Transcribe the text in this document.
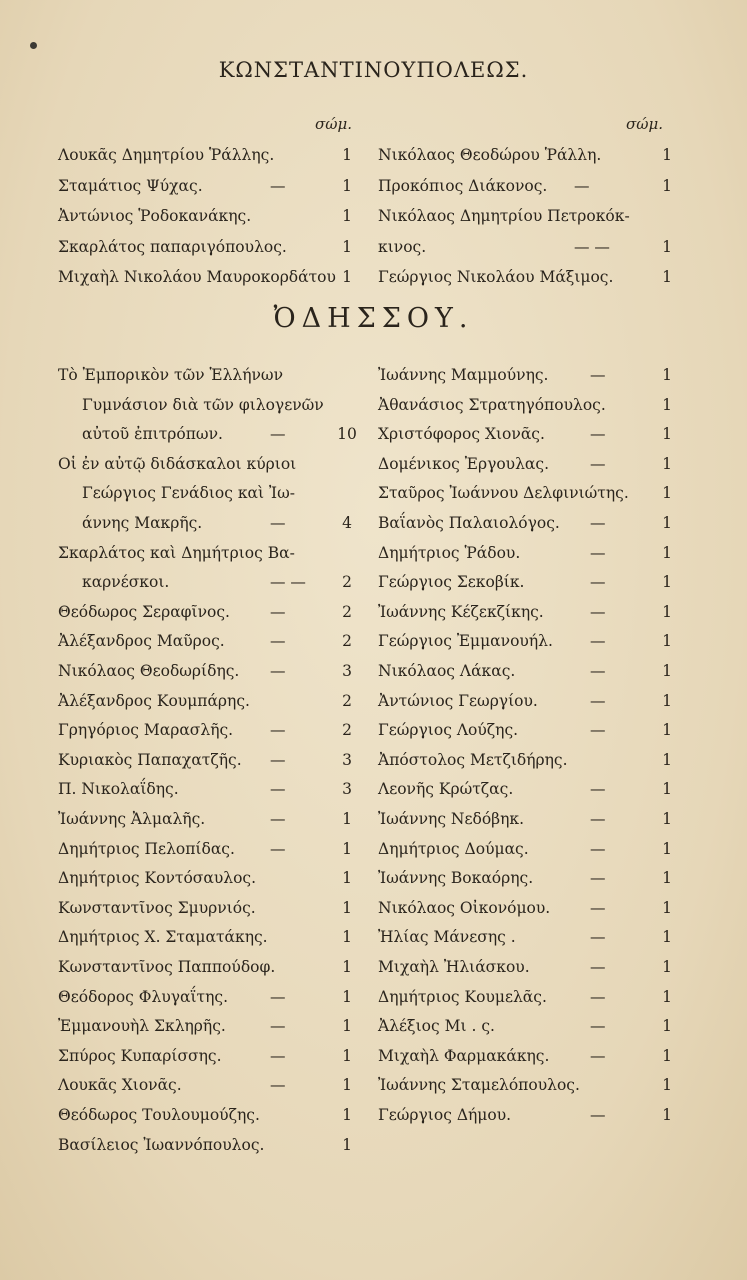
ΚΩΝΣΤΑΝΤΙΝΟΥΠΟΛΕΩΣ.
σώμ.	σώμ.
Λουκᾶς Δημητρίου Ῥάλλης.	1
Σταμάτιος Ψύχας.	—	1
Ἀντώνιος Ῥοδοκανάκης.	1
Σκαρλάτος παπαριγόπουλος.	1
Μιχαὴλ Νικολάου Μαυροκορδάτου 1
Νικόλαος Θεοδώρου Ῥάλλη.	1
Προκόπιος Διάκονος. —	1
Νικόλαος Δημητρίου Πετροκόκ-
κινος.	— —	1
Γεώργιος Νικολάου Μάξιμος.	1
ὈΔΗΣΣΟΥ.
Τὸ Ἐμπορικὸν τῶν Ἑλλήνων
Γυμνάσιον διὰ τῶν φιλογενῶν
αὐτοῦ ἐπιτρόπων.	—	10
Οἱ ἐν αὐτῷ διδάσκαλοι κύριοι
Γεώργιος Γενάδιος καὶ Ἰω-
άννης Μακρῆς.	—	4
Σκαρλάτος καὶ Δημήτριος Βα-
καρνέσκοι.	— —	2
Θεόδωρος Σεραφῖνος.	—	2
Ἀλέξανδρος Μαῦρος.	—	2
Νικόλαος Θεοδωρίδης. —	3
Ἀλέξανδρος Κουμπάρης.	2
Γρηγόριος Μαρασλῆς. —	2
Κυριακὸς Παπαχατζῆς. —	3
Π. Νικολαΐδης.	—	3
Ἰωάννης Ἀλμαλῆς.	—	1
Δημήτριος Πελοπίδας. —	1
Δημήτριος Κοντόσαυλος.	1
Κωνσταντῖνος Σμυρνιός.	1
Δημήτριος Χ. Σταματάκης.	1
Κωνσταντῖνος Παππούδοφ.	1
Θεόδορος Φλυγαΐτης.	—	1
Ἐμμανουὴλ Σκληρῆς.	—	1
Σπύρος Κυπαρίσσης.	—	1
Λουκᾶς Χιονᾶς.	—	1
Θεόδωρος Τουλουμούζης.	1
Βασίλειος Ἰωαννόπουλος.	1
Ἰωάννης Μαμμούνης.	—	1
Ἀθανάσιος Στρατηγόπουλος.	1
Χριστόφορος Χιονᾶς.	—	1
Δομένικος Ἐργουλας.	—	1
Σταῦρος Ἰωάννου Δελφινιώτης.	1
Βαΐανὸς Παλαιολόγος. —	1
Δημήτριος Ῥάδου.	—	1
Γεώργιος Σεκοβίκ.	—	1
Ἰωάννης Κέζεκζίκης.	—	1
Γεώργιος Ἐμμανουήλ. —	1
Νικόλαος Λάκας.	—	1
Ἀντώνιος Γεωργίου.	—	1
Γεώργιος Λούζης.	—	1
Ἀπόστολος Μετζιδήρης.	1
Λεονῆς Κρώτζας.	—	1
Ἰωάννης Νεδόβηκ.	—	1
Δημήτριος Δούμας.	—	1
Ἰωάννης Βοκαόρης.	—	1
Νικόλαος Οἰκονόμου.	—	1
Ἠλίας Μάνεσης .	—	1
Μιχαὴλ Ἠλιάσκου.	—	1
Δημήτριος Κουμελᾶς.	—	1
Ἀλέξιος Μι . ς.	—	1
Μιχαὴλ Φαρμακάκης.	—	1
Ἰωάννης Σταμελόπουλος.	1
Γεώργιος Δήμου.	—	1
